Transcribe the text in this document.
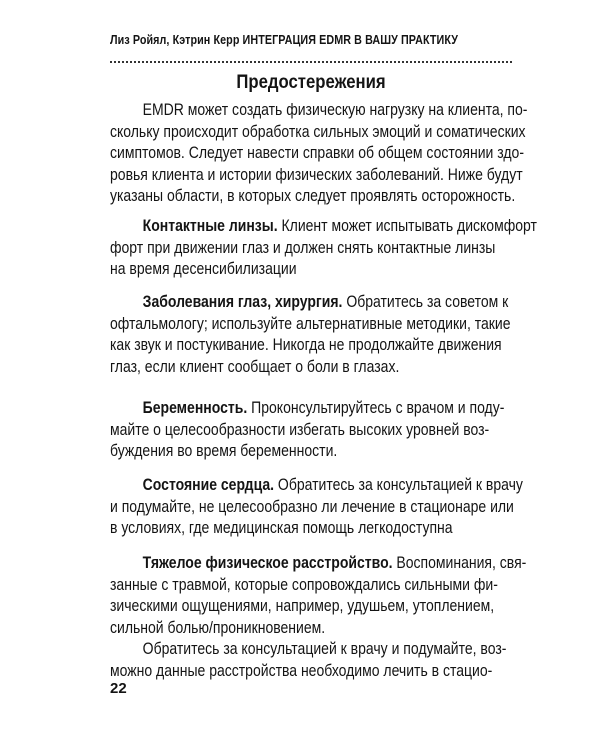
Лиз Ройял, Кэтрин Керр ИНТЕГРАЦИЯ EDMR В ВАШУ ПРАКТИКУ
Предостережения
EMDR может создать физическую нагрузку на клиента, по-
скольку происходит обработка сильных эмоций и соматических
симптомов. Следует навести справки об общем состоянии здо-
ровья клиента и истории физических заболеваний. Ниже будут
указаны области, в которых следует проявлять осторожность.
Контактные линзы. Клиент может испытывать дискомфорт
форт при движении глаз и должен снять контактные линзы
на время десенсибилизации
Заболевания глаз, хирургия. Обратитесь за советом к
офтальмологу; используйте альтернативные методики, такие
как звук и постукивание. Никогда не продолжайте движения
глаз, если клиент сообщает о боли в глазах.
Беременность. Проконсультируйтесь с врачом и поду-
майте о целесообразности избегать высоких уровней воз-
буждения во время беременности.
Состояние сердца. Обратитесь за консультацией к врачу
и подумайте, не целесообразно ли лечение в стационаре или
в условиях, где медицинская помощь легкодоступна
Тяжелое физическое расстройство. Воспоминания, свя-
занные с травмой, которые сопровождались сильными фи-
зическими ощущениями, например, удушьем, утоплением,
сильной болью/проникновением.
Обратитесь за консультацией к врачу и подумайте, воз-
можно данные расстройства необходимо лечить в стацио-
22
